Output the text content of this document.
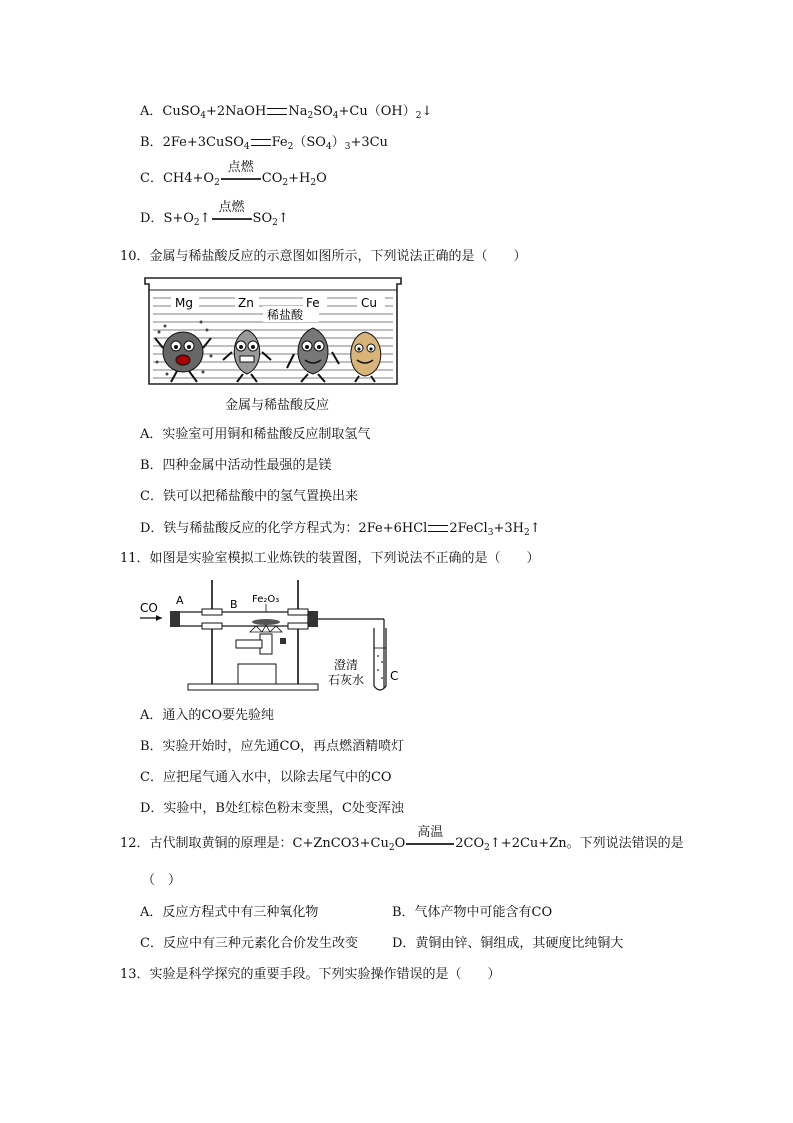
A．CuSO$_4$+2NaOH $Na_2SO_4+Cu(OH)_2↓$
B．2Fe+3CuSO$_4$ $Fe_2(SO_4)_3+3Cu$
C．$CH4+O_2$
点燃
$CO_2+H_2O$
D．$S+O_2↑$
点燃
$SO_2↑$
10．金属与稀盐酸反应的示意图如图所示，下列说法正确的是（　　）
Mg	Zn	Fe	Cu
稀盐酸
金属与稀盐酸反应
A．实验室可用铜和稀盐酸反应制取氢气
B．四种金属中活动性最强的是镁
C．铁可以把稀盐酸中的氢气置换出来
D．铁与稀盐酸反应的化学方程式为：2Fe+6HCl $2FeCl_3+3H_2↑$
11．如图是实验室模拟工业炼铁的装置图，下列说法不正确的是（　　）
CO
A	B Fe₂O₃
澄清
石灰水 C
A．通入的CO要先验纯
B．实验开始时，应先通CO，再点燃酒精喷灯
C．应把尾气通入水中，以除去尾气中的CO
D．实验中，B处红棕色粉末变黑，C处变浑浊
12．古代制取黄铜的原理是：$C+ZnCO3+Cu_2O$
高温
$2CO_2↑+2Cu+Zn$。下列说法错误的是
（　）
A．反应方程式中有三种氧化物	B．气体产物中可能含有CO
C．反应中有三种元素化合价发生改变	D．黄铜由锌、铜组成，其硬度比纯铜大
13．实验是科学探究的重要手段。下列实验操作错误的是（　　）
